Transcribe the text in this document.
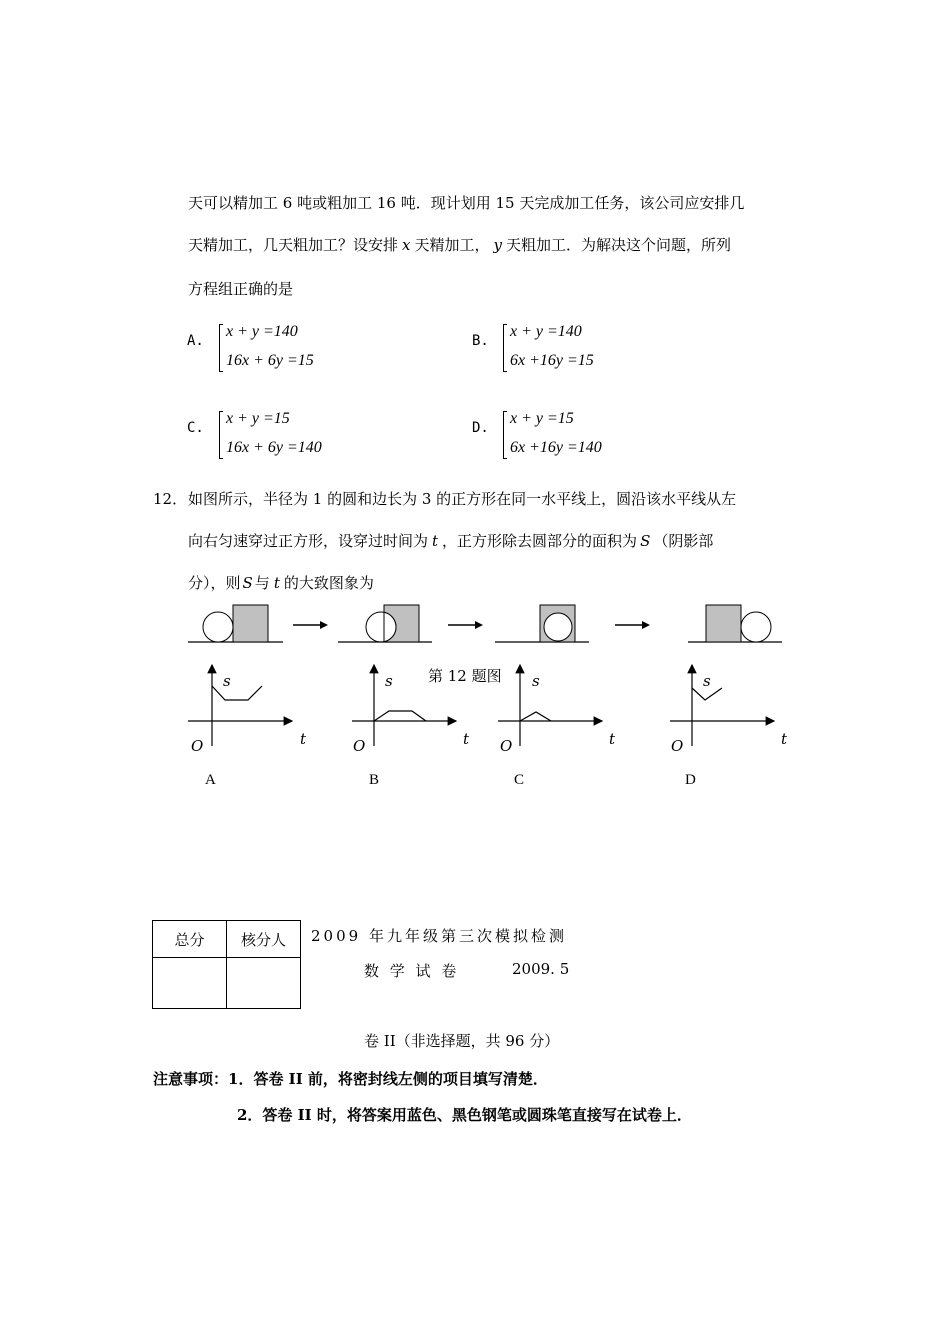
天可以精加工 6 吨或粗加工 16 吨．现计划用 15 天完成加工任务，该公司应安排几
天精加工，几天粗加工？设安排 x 天精加工， y 天粗加工．为解决这个问题，所列
方程组正确的是
A.
x + y =140
16x + 6y =15
B.
x + y =140
6x +16y =15
C.
x + y =15
16x + 6y =140
D.
x + y =15
6x +16y =140
12． 如图所示，半径为 1 的圆和边长为 3 的正方形在同一水平线上，圆沿该水平线从左
向右匀速穿过正方形，设穿过时间为 t ，正方形除去圆部分的面积为 S （阴影部
分），则 S 与 t 的大致图象为
第 12 题图
s
t
O
s
t
O
s
t
O
s
t
O
A	B	C	D
总分	核分人
	2009 年九年级第三次模拟检测
数 学 试 卷	2009. 5
卷 II（非选择题，共 96 分）
注意事项：1．答卷 II 前，将密封线左侧的项目填写清楚．
2．答卷 II 时，将答案用蓝色、黑色钢笔或圆珠笔直接写在试卷上．
